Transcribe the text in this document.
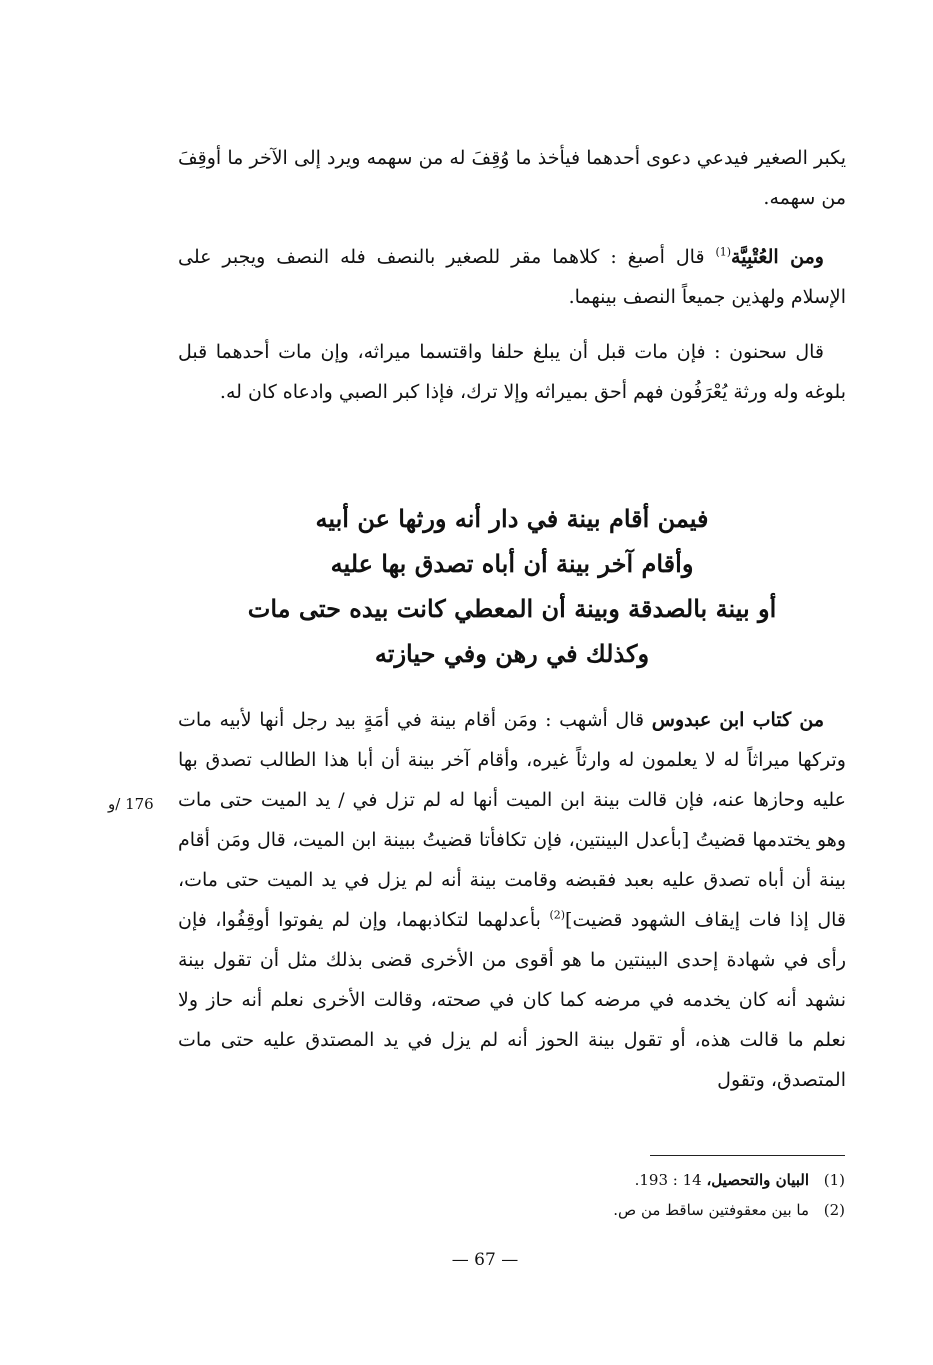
يكبر الصغير فيدعي دعوى أحدهما فيأخذ ما وُقِفَ له من سهمه ويرد إلى الآخر ما أوقِفَ من سهمه.

ومن العُتْبِيَّة$^{(1)}$ قال أصبغ : كلاهما مقر للصغير بالنصف فله النصف ويجبر على الإسلام ولهذين جميعاً النصف بينهما.

قال سحنون : فإن مات قبل أن يبلغ حلفا واقتسما ميراثه، وإن مات أحدهما قبل بلوغه وله ورثة يُعْرَفُون فهم أحق بميراثه وإلا ترك، فإذا كبر الصبي وادعاه كان له.

فيمن أقام بينة في دار أنه ورثها عن أبيه
وأقام آخر بينة أن أباه تصدق بها عليه
أو بينة بالصدقة وبينة أن المعطي كانت بيده حتى مات
وكذلك في رهن وفي حيازته

من كتاب ابن عبدوس قال أشهب : ومَن أقام بينة في أمَةٍ بيد رجل أنها لأبيه مات وتركها ميراثاً له لا يعلمون له وارثاً غيره، وأقام آخر بينة أن أبا هذا الطالب تصدق بها عليه وحازها عنه، فإن قالت بينة ابن الميت أنها له لم تزل في / يد الميت حتى مات وهو يختدمها قضيتُ [بأعدل البينتين، فإن تكافأتا قضيتُ ببينة ابن الميت، قال ومَن أقام بينة أن أباه تصدق عليه بعبد فقبضه وقامت بينة أنه لم يزل في يد الميت حتى مات، قال إذا فات إيقاف الشهود قضيت]$^{(2)}$ بأعدلهما لتكاذبهما، وإن لم يفوتوا أوقِفُوا، فإن رأى في شهادة إحدى البينتين ما هو أقوى من الأخرى قضى بذلك مثل أن تقول بينة نشهد أنه كان يخدمه في مرضه كما كان في صحته، وقالت الأخرى نعلم أنه حاز ولا نعلم ما قالت هذه، أو تقول بينة الحوز أنه لم يزل في يد المصتدق عليه حتى مات المتصدق، وتقول

176 /و
(1)البيان والتحصيل، 14 : 193.
(2)ما بين معقوفتين ساقط من ص.
— 67 —
